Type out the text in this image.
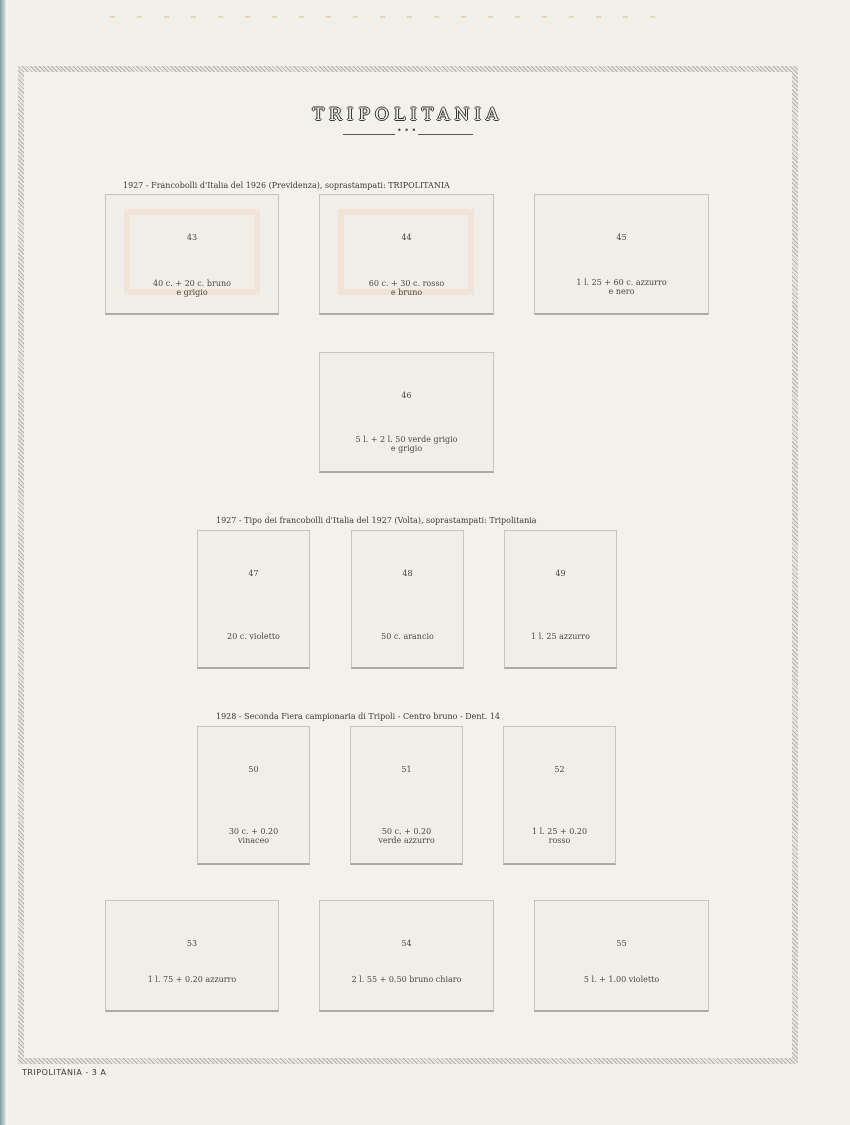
TRIPOLITANIA
• • •
1927 - Francobolli d'Italia del 1926 (Previdenza), soprastampati: TRIPOLITANIA
43
40 c. + 20 c. bruno
e grigio
44
60 c. + 30 c. rosso
e bruno
45
1 l. 25 + 60 c. azzurro
e nero
46
5 l. + 2 l. 50 verde grigio
e grigio
1927 - Tipo dei francobolli d'Italia del 1927 (Volta), soprastampati: Tripolitania
47
20 c. violetto
48
50 c. arancio
49
1 l. 25 azzurro
1928 - Seconda Fiera campionaria di Tripoli - Centro bruno - Dent. 14
50
30 c. + 0.20
vinaceo
51
50 c. + 0.20
verde azzurro
52
1 l. 25 + 0.20
rosso
53
1 l. 75 + 0.20 azzurro
54
2 l. 55 + 0.50 bruno chiaro
55
5 l. + 1.00 violetto
TRIPOLITANIA - 3 A
